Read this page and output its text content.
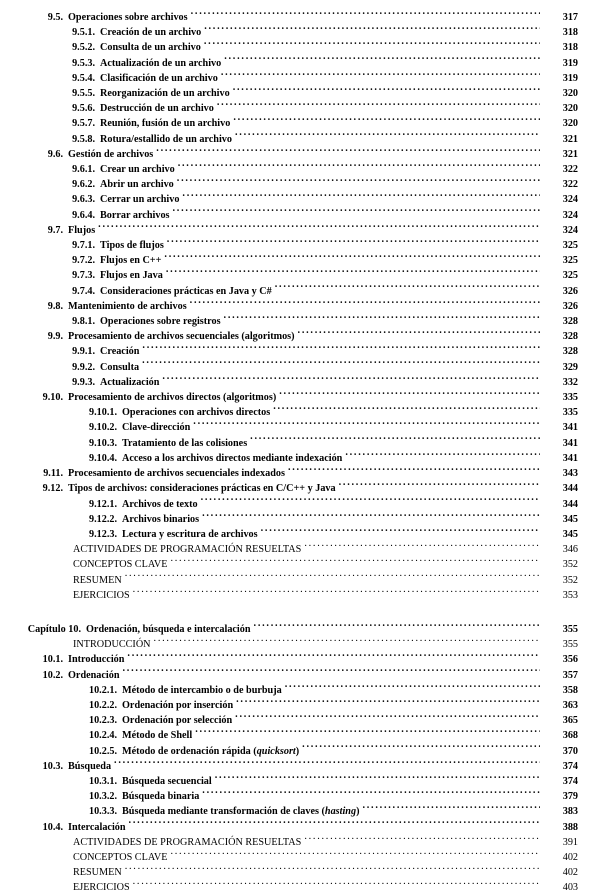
9.5. Operaciones sobre archivos . . .	317
9.5.1. Creación de un archivo . . .	318
9.5.2. Consulta de un archivo . . .	318
9.5.3. Actualización de un archivo . . .	319
9.5.4. Clasificación de un archivo . . .	319
9.5.5. Reorganización de un archivo . . .	320
9.5.6. Destrucción de un archivo . . .	320
9.5.7. Reunión, fusión de un archivo . . .	320
9.5.8. Rotura/estallido de un archivo . . .	321
9.6. Gestión de archivos . . .	321
9.6.1. Crear un archivo . . .	322
9.6.2. Abrir un archivo . . .	322
9.6.3. Cerrar un archivo . . .	324
9.6.4. Borrar archivos . . .	324
9.7. Flujos . . .	324
9.7.1. Tipos de flujos . . .	325
9.7.2. Flujos en C++ . . .	325
9.7.3. Flujos en Java . . .	325
9.7.4. Consideraciones prácticas en Java y C# . . .	326
9.8. Mantenimiento de archivos . . .	326
9.8.1. Operaciones sobre registros . . .	328
9.9. Procesamiento de archivos secuenciales (algoritmos) . . .	328
9.9.1. Creación . . .	328
9.9.2. Consulta . . .	329
9.9.3. Actualización . . .	332
9.10. Procesamiento de archivos directos (algoritmos) . . .	335
9.10.1. Operaciones con archivos directos . . .	335
9.10.2. Clave-dirección . . .	341
9.10.3. Tratamiento de las colisiones . . .	341
9.10.4. Acceso a los archivos directos mediante indexación . . .	341
9.11. Procesamiento de archivos secuenciales indexados . . .	343
9.12. Tipos de archivos: consideraciones prácticas en C/C++ y Java . . .	344
9.12.1. Archivos de texto . . .	344
9.12.2. Archivos binarios . . .	345
9.12.3. Lectura y escritura de archivos . . .	345
ACTIVIDADES DE PROGRAMACIÓN RESUELTAS . . .	346
CONCEPTOS CLAVE . . .	352
RESUMEN . . .	352
EJERCICIOS . . .	353
Capítulo 10. Ordenación, búsqueda e intercalación . . .	355
INTRODUCCIÓN . . .	355
10.1. Introducción . . .	356
10.2. Ordenación . . .	357
10.2.1. Método de intercambio o de burbuja . . .	358
10.2.2. Ordenación por inserción . . .	363
10.2.3. Ordenación por selección . . .	365
10.2.4. Método de Shell . . .	368
10.2.5. Método de ordenación rápida (quicksort) . . .	370
10.3. Búsqueda . . .	374
10.3.1. Búsqueda secuencial . . .	374
10.3.2. Búsqueda binaria . . .	379
10.3.3. Búsqueda mediante transformación de claves (hasting) . . .	383
10.4. Intercalación . . .	388
ACTIVIDADES DE PROGRAMACIÓN RESUELTAS . . .	391
CONCEPTOS CLAVE . . .	402
RESUMEN . . .	402
EJERCICIOS . . .	403
